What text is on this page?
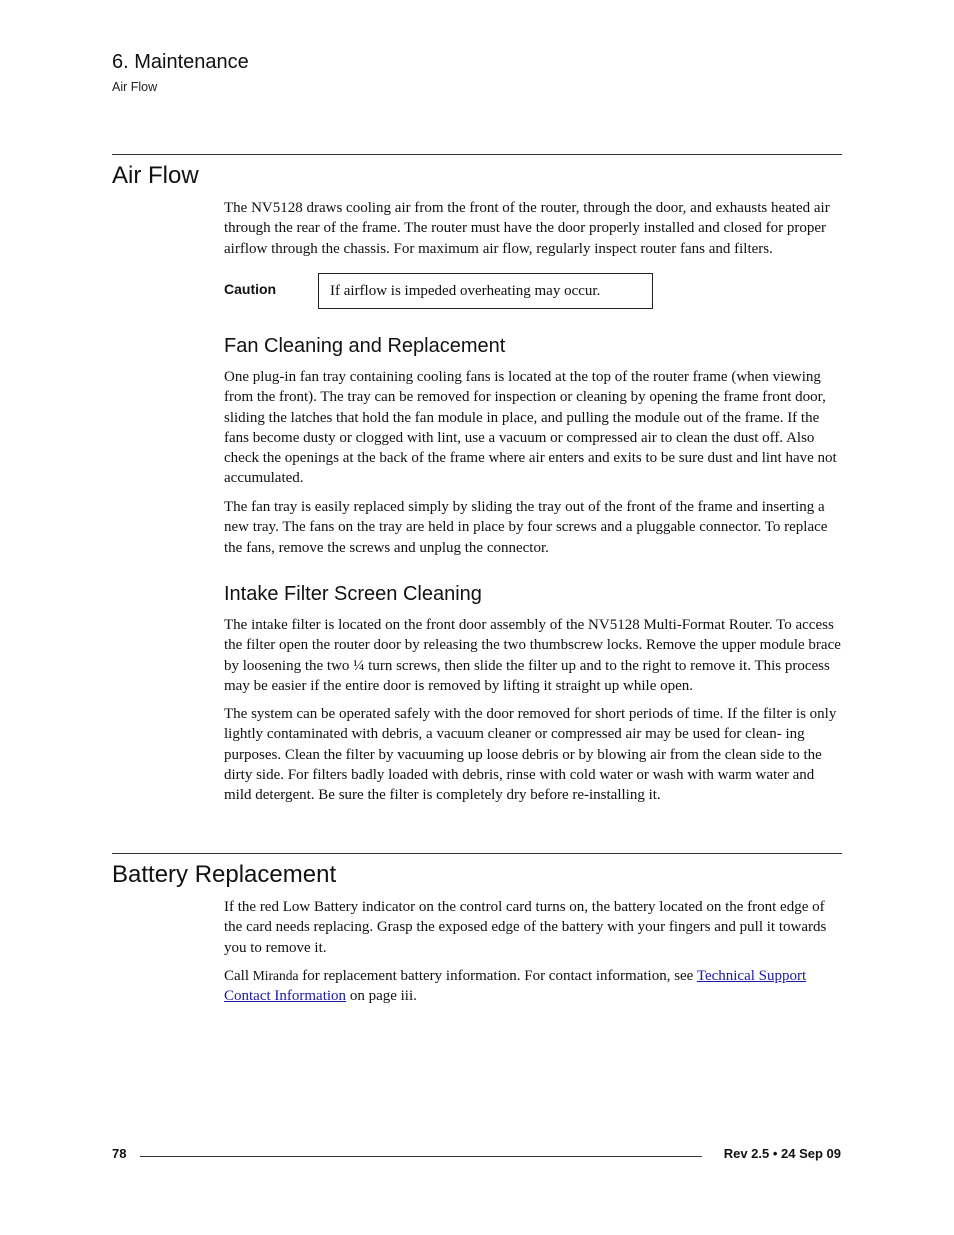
6. Maintenance
Air Flow
Air Flow

The NV5128 draws cooling air from the front of the router, through the door, and exhausts heated air through the rear of the frame. The router must have the door properly installed and closed for proper airflow through the chassis. For maximum air flow, regularly inspect router fans and filters.

Caution	If airflow is impeded overheating may occur.
Fan Cleaning and Replacement

One plug-in fan tray containing cooling fans is located at the top of the router frame (when viewing from the front). The tray can be removed for inspection or cleaning by opening the frame front door, sliding the latches that hold the fan module in place, and pulling the module out of the frame. If the fans become dusty or clogged with lint, use a vacuum or compressed air to clean the dust off. Also check the openings at the back of the frame where air enters and exits to be sure dust and lint have not accumulated.

The fan tray is easily replaced simply by sliding the tray out of the front of the frame and inserting a new tray. The fans on the tray are held in place by four screws and a pluggable connector. To replace the fans, remove the screws and unplug the connector.

Intake Filter Screen Cleaning

The intake filter is located on the front door assembly of the NV5128 Multi-Format Router. To access the filter open the router door by releasing the two thumbscrew locks. Remove the upper module brace by loosening the two ¼ turn screws, then slide the filter up and to the right to remove it. This process may be easier if the entire door is removed by lifting it straight up while open.

The system can be operated safely with the door removed for short periods of time. If the filter is only lightly contaminated with debris, a vacuum cleaner or compressed air may be used for clean- ing purposes. Clean the filter by vacuuming up loose debris or by blowing air from the clean side to the dirty side. For filters badly loaded with debris, rinse with cold water or wash with warm water and mild detergent. Be sure the filter is completely dry before re-installing it.

Battery Replacement

If the red Low Battery indicator on the control card turns on, the battery located on the front edge of the card needs replacing. Grasp the exposed edge of the battery with your fingers and pull it towards you to remove it.

Call Miranda for replacement battery information. For contact information, see Technical Support Contact Information on page iii.

78	Rev 2.5 • 24 Sep 09
